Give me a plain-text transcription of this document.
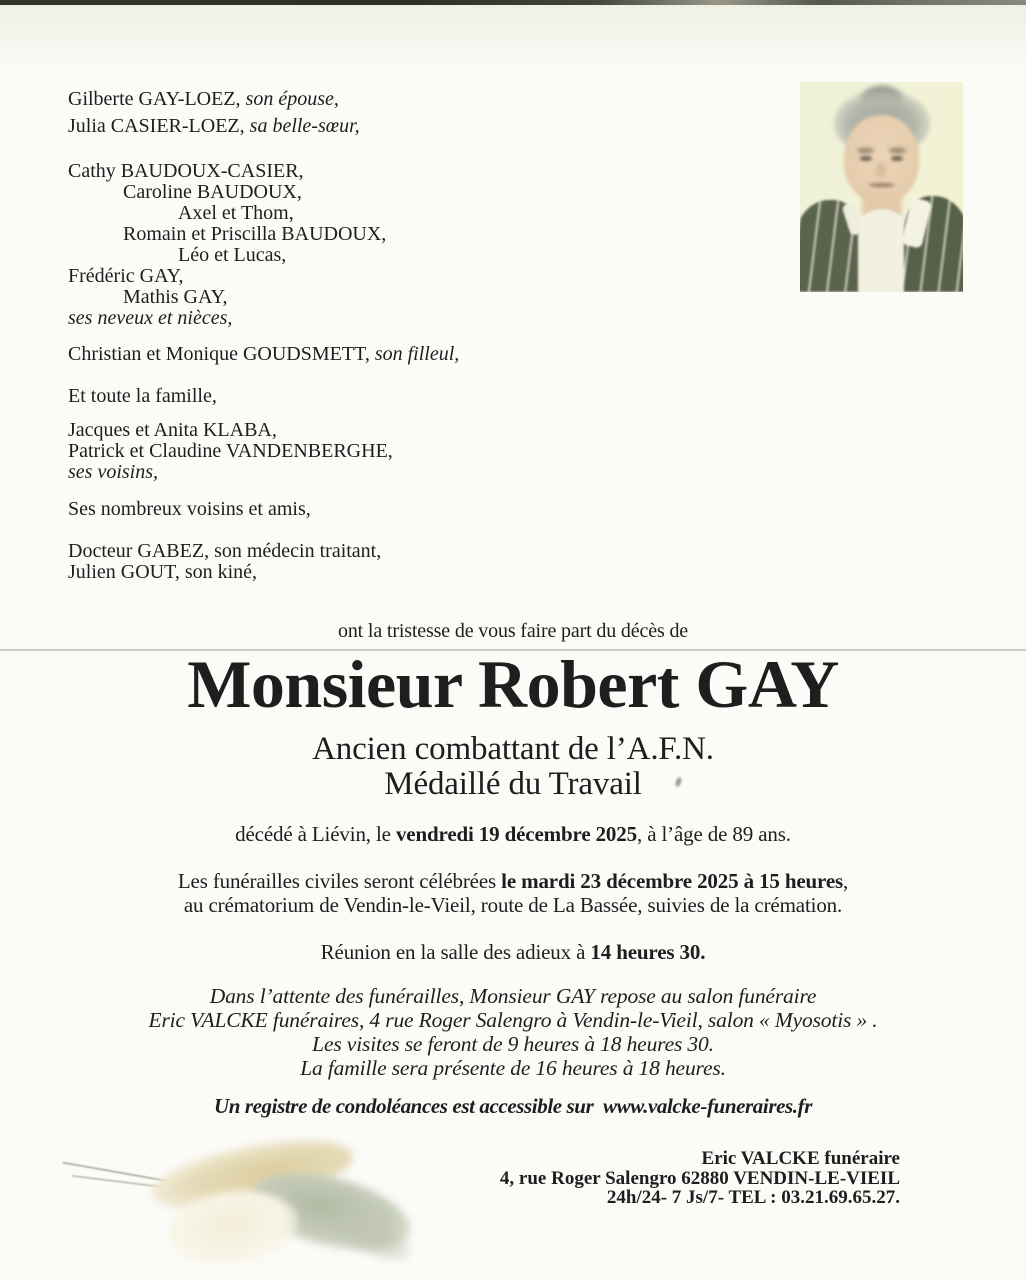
Gilberte GAY-LOEZ, son épouse,
Julia CASIER-LOEZ, sa belle-sœur,
Cathy BAUDOUX-CASIER,
Caroline BAUDOUX,
Axel et Thom,
Romain et Priscilla BAUDOUX,
Léo et Lucas,
Frédéric GAY,
Mathis GAY,
ses neveux et nièces,
Christian et Monique GOUDSMETT, son filleul,
Et toute la famille,
Jacques et Anita KLABA,
Patrick et Claudine VANDENBERGHE,
ses voisins,
Ses nombreux voisins et amis,
Docteur GABEZ, son médecin traitant,
Julien GOUT, son kiné,
ont la tristesse de vous faire part du décès de
Monsieur Robert GAY
Ancien combattant de l’A.F.N.
Médaillé du Travail
décédé à Liévin, le vendredi 19 décembre 2025, à l’âge de 89 ans.
Les funérailles civiles seront célébrées le mardi 23 décembre 2025 à 15 heures,
au crématorium de Vendin-le-Vieil, route de La Bassée, suivies de la crémation.
Réunion en la salle des adieux à 14 heures 30.
Dans l’attente des funérailles, Monsieur GAY repose au salon funéraire
Eric VALCKE funéraires, 4 rue Roger Salengro à Vendin-le-Vieil, salon « Myosotis » .
Les visites se feront de 9 heures à 18 heures 30.
La famille sera présente de 16 heures à 18 heures.
Un registre de condoléances est accessible sur  www.valcke-funeraires.fr
Eric VALCKE funéraire
4, rue Roger Salengro 62880 VENDIN-LE-VIEIL
24h/24- 7 Js/7- TEL : 03.21.69.65.27.
